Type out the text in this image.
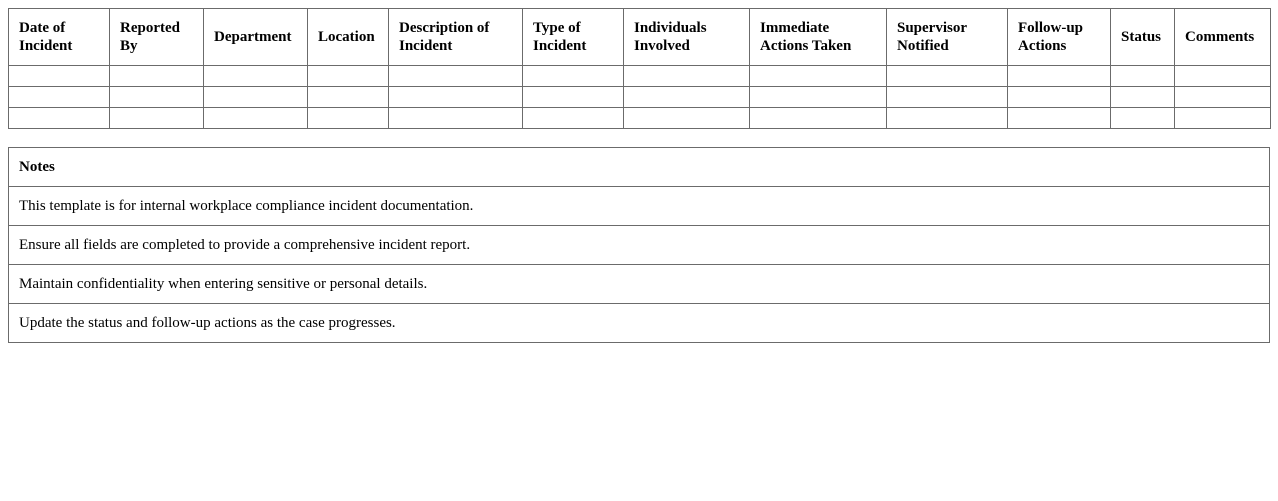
Date of Incident	Reported By	Department	Location	Description of Incident	Type of Incident	Individuals Involved	Immediate Actions Taken	Supervisor Notified	Follow-up Actions	Status	Comments

Notes
This template is for internal workplace compliance incident documentation.
Ensure all fields are completed to provide a comprehensive incident report.
Maintain confidentiality when entering sensitive or personal details.
Update the status and follow-up actions as the case progresses.
